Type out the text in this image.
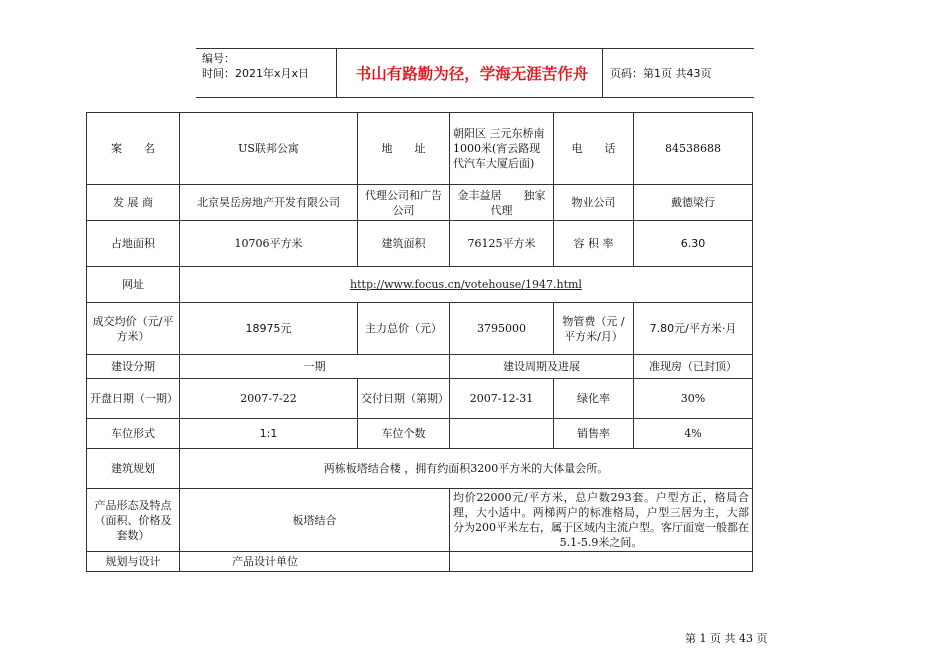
编号：
时间：2021年x月x日	书山有路勤为径，学海无涯苦作舟	页码：第1页 共43页
案　　名	US联邦公寓	地　　址	朝阳区 三元东桥南1000米(宵云路现代汽车大厦后面)	电　　话	84538688
发 展 商	北京昊岳房地产开发有限公司	代理公司和广告公司	金丰益居　　独家代理	物业公司	戴德梁行
占地面积	10706平方米	建筑面积	76125平方米	容 积 率	6.30
网址	http://www.focus.cn/votehouse/1947.html				
成交均价（元/平方米）	18975元	主力总价（元）	3795000	物管费（元 /平方米/月）	7.80元/平方米·月
建设分期	一期		建设周期及进展		准现房（已封顶）
开盘日期（一期）	2007-7-22	交付日期（第期）	2007-12-31	绿化率	30%
车位形式	1:1	车位个数		销售率	4%
建筑规划	两栋板塔结合楼 ，拥有约面积3200平方米的大体量会所。				
产品形态及特点（面积、价格及套数）	板塔结合		均价22000元/平方米，总户数293套。户型方正，格局合理，大小适中。两梯两户的标准格局，户型三居为主，大部分为200平米左右，属于区域内主流户型。客厅面宽一般都在5.1-5.9米之间。		
规划与设计	产品设计单位				
第 1 页 共 43 页
